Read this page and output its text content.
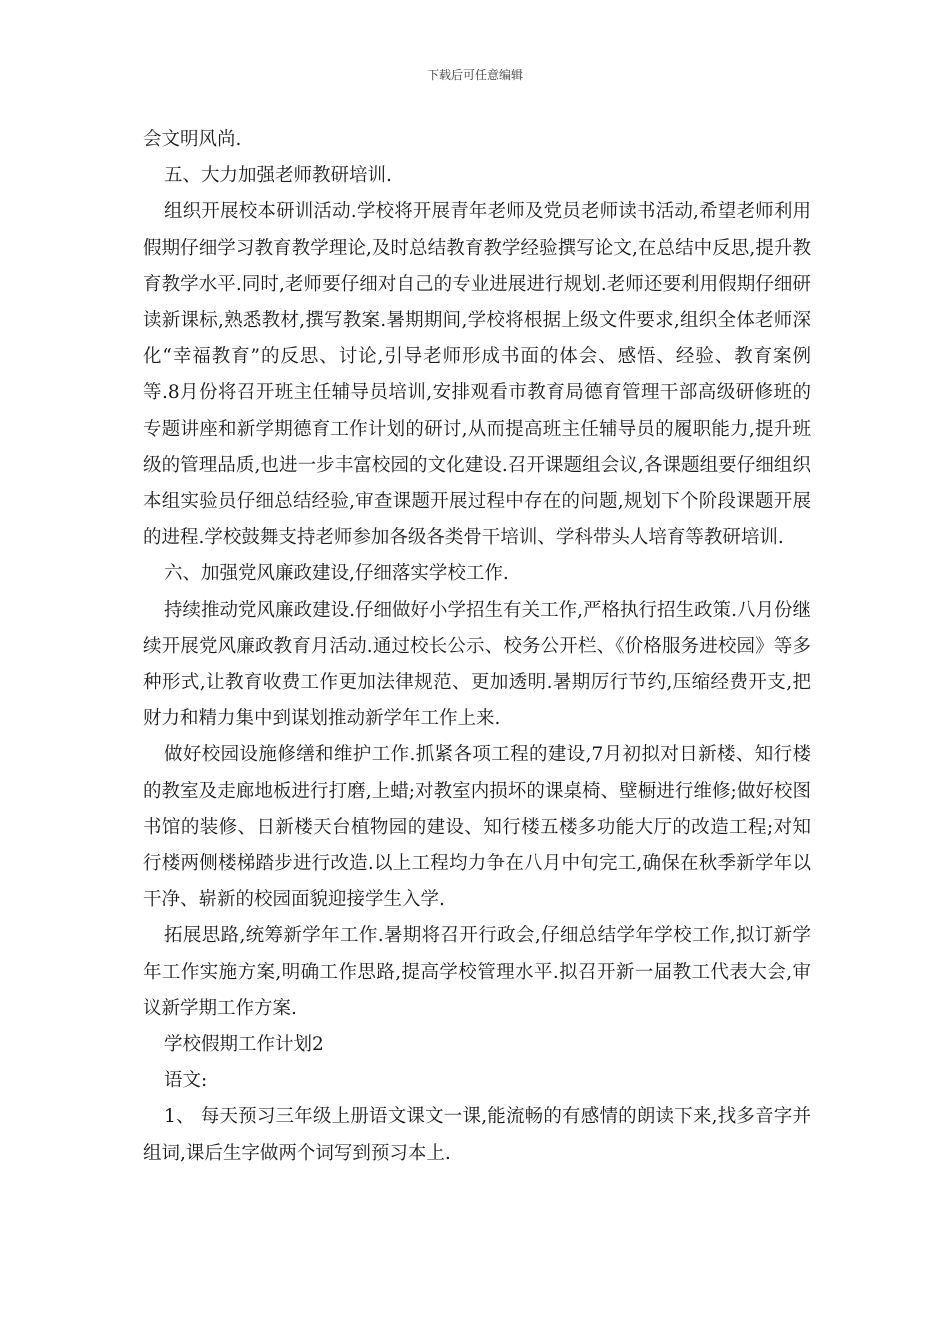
下载后可任意编辑

会文明风尚.

五、大力加强老师教研培训.

组织开展校本研训活动.学校将开展青年老师及党员老师读书活动,希望老师利用假期仔细学习教育教学理论,及时总结教育教学经验撰写论文,在总结中反思,提升教育教学水平.同时,老师要仔细对自己的专业进展进行规划.老师还要利用假期仔细研读新课标,熟悉教材,撰写教案.暑期期间,学校将根据上级文件要求,组织全体老师深化“幸福教育”的反思、讨论,引导老师形成书面的体会、感悟、经验、教育案例等.8月份将召开班主任辅导员培训,安排观看市教育局德育管理干部高级研修班的专题讲座和新学期德育工作计划的研讨,从而提高班主任辅导员的履职能力,提升班级的管理品质,也进一步丰富校园的文化建设.召开课题组会议,各课题组要仔细组织本组实验员仔细总结经验,审查课题开展过程中存在的问题,规划下个阶段课题开展的进程.学校鼓舞支持老师参加各级各类骨干培训、学科带头人培育等教研培训.

六、加强党风廉政建设,仔细落实学校工作.

持续推动党风廉政建设.仔细做好小学招生有关工作,严格执行招生政策.八月份继续开展党风廉政教育月活动.通过校长公示、校务公开栏、《价格服务进校园》等多种形式,让教育收费工作更加法律规范、更加透明.暑期厉行节约,压缩经费开支,把财力和精力集中到谋划推动新学年工作上来.

做好校园设施修缮和维护工作.抓紧各项工程的建设,7月初拟对日新楼、知行楼的教室及走廊地板进行打磨,上蜡;对教室内损坏的课桌椅、壁橱进行维修;做好校图书馆的装修、日新楼天台植物园的建设、知行楼五楼多功能大厅的改造工程;对知行楼两侧楼梯踏步进行改造.以上工程均力争在八月中旬完工,确保在秋季新学年以干净、崭新的校园面貌迎接学生入学.

拓展思路,统筹新学年工作.暑期将召开行政会,仔细总结学年学校工作,拟订新学年工作实施方案,明确工作思路,提高学校管理水平.拟召开新一届教工代表大会,审议新学期工作方案.

学校假期工作计划2

语文:

1、 每天预习三年级上册语文课文一课,能流畅的有感情的朗读下来,找多音字并组词,课后生字做两个词写到预习本上.
